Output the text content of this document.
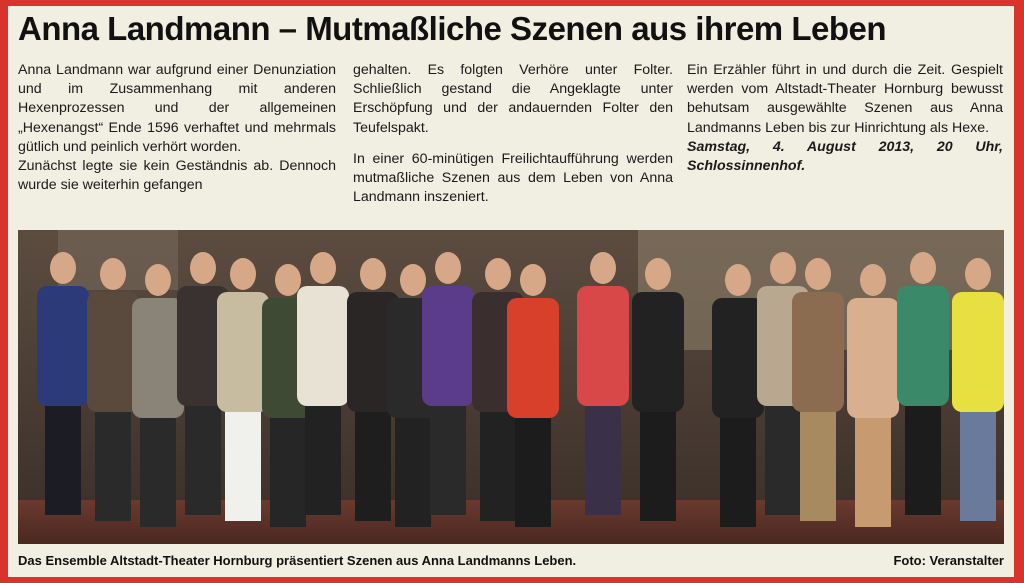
Anna Landmann – Mutmaßliche Szenen aus ihrem Leben

Anna Landmann war aufgrund einer Denunziation und im Zusammenhang mit anderen Hexenprozessen und der allgemeinen „Hexenangst“ Ende 1596 verhaftet und mehrmals gütlich und peinlich verhört worden.

Zunächst legte sie kein Geständnis ab. Dennoch wurde sie weiterhin gefangen

gehalten. Es folgten Verhöre unter Folter. Schließlich gestand die Angeklagte unter Erschöpfung und der andauernden Folter den Teufelspakt.

In einer 60-minütigen Freilichtaufführung werden mutmaßliche Szenen aus dem Leben von Anna Landmann inszeniert.

Ein Erzähler führt in und durch die Zeit. Gespielt werden vom Altstadt-Theater Hornburg bewusst behutsam ausgewählte Szenen aus Anna Landmanns Leben bis zur Hinrichtung als Hexe.

Samstag, 4. August 2013, 20 Uhr, Schlossinnenhof.

Das Ensemble Altstadt-Theater Hornburg präsentiert Szenen aus Anna Landmanns Leben.	Foto: Veranstalter
